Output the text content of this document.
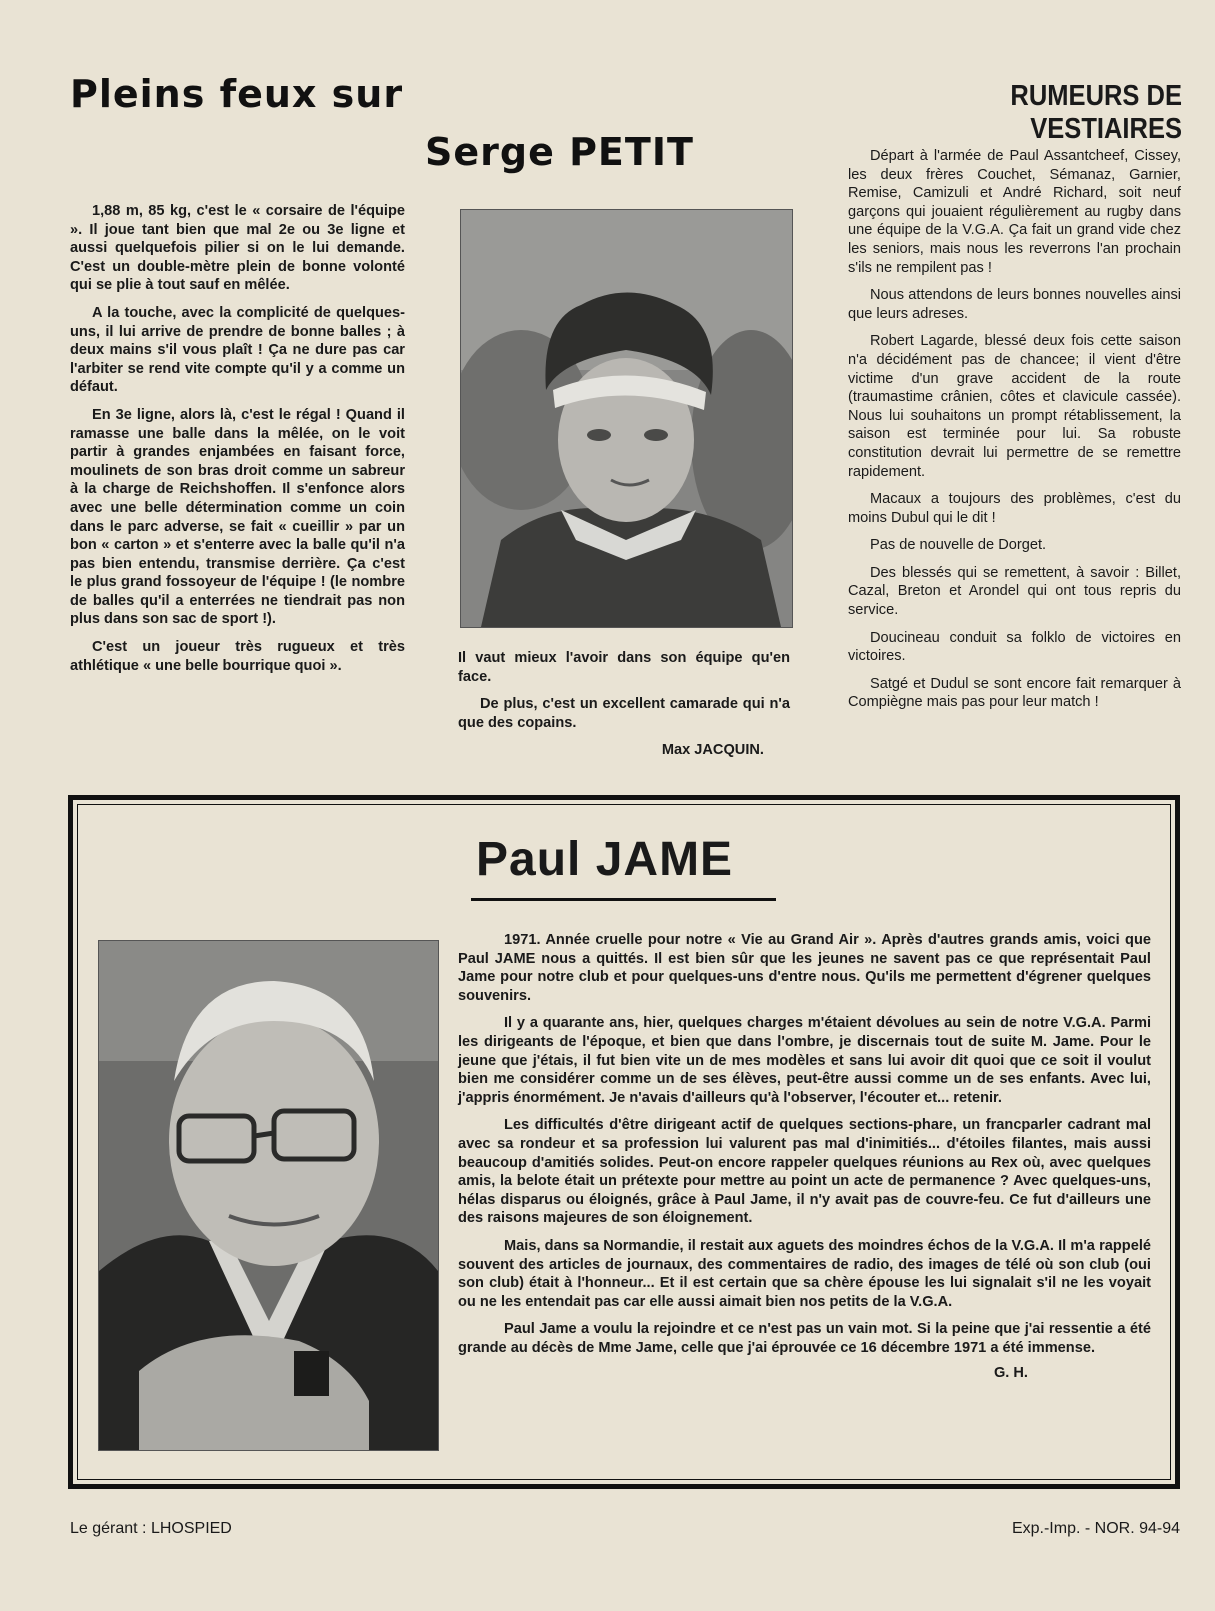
Pleins feux sur
Serge PETIT
RUMEURS DE VESTIAIRES

1,88 m, 85 kg, c'est le « corsaire de l'équipe ». Il joue tant bien que mal 2e ou 3e ligne et aussi quelquefois pilier si on le lui demande. C'est un double-mètre plein de bonne volonté qui se plie à tout sauf en mêlée.

A la touche, avec la complicité de quelques-uns, il lui arrive de prendre de bonne balles ; à deux mains s'il vous plaît ! Ça ne dure pas car l'arbiter se rend vite compte qu'il y a comme un défaut.

En 3e ligne, alors là, c'est le régal ! Quand il ramasse une balle dans la mêlée, on le voit partir à grandes enjambées en faisant force, moulinets de son bras droit comme un sabreur à la charge de Reichshoffen. Il s'enfonce alors avec une belle détermination comme un coin dans le parc adverse, se fait « cueillir » par un bon « carton » et s'enterre avec la balle qu'il n'a pas bien entendu, transmise derrière. Ça c'est le plus grand fossoyeur de l'équipe ! (le nombre de balles qu'il a enterrées ne tiendrait pas non plus dans son sac de sport !).

C'est un joueur très rugueux et très athlétique « une belle bourrique quoi ».	Il vaut mieux l'avoir dans son équipe qu'en face.

De plus, c'est un excellent camarade qui n'a que des copains.

Max JACQUIN.

Départ à l'armée de Paul Assantcheef, Cissey, les deux frères Couchet, Sémanaz, Garnier, Remise, Camizuli et André Richard, soit neuf garçons qui jouaient régulièrement au rugby dans une équipe de la V.G.A. Ça fait un grand vide chez les seniors, mais nous les reverrons l'an prochain s'ils ne rempilent pas !

Nous attendons de leurs bonnes nouvelles ainsi que leurs adreses.

Robert Lagarde, blessé deux fois cette saison n'a décidément pas de chancee; il vient d'être victime d'un grave accident de la route (traumastime crânien, côtes et clavicule cassée). Nous lui souhaitons un prompt rétablissement, la saison est terminée pour lui. Sa robuste constitution devrait lui permettre de se remettre rapidement.

Macaux a toujours des problèmes, c'est du moins Dubul qui le dit !

Pas de nouvelle de Dorget.

Des blessés qui se remettent, à savoir : Billet, Cazal, Breton et Arondel qui ont tous repris du service.

Doucineau conduit sa folklo de victoires en victoires.

Satgé et Dudul se sont encore fait remarquer à Compiègne mais pas pour leur match !

Paul JAME

1971. Année cruelle pour notre « Vie au Grand Air ». Après d'autres grands amis, voici que Paul JAME nous a quittés. Il est bien sûr que les jeunes ne savent pas ce que représentait Paul Jame pour notre club et pour quelques-uns d'entre nous. Qu'ils me permettent d'égrener quelques souvenirs.

Il y a quarante ans, hier, quelques charges m'étaient dévolues au sein de notre V.G.A. Parmi les dirigeants de l'époque, et bien que dans l'ombre, je discernais tout de suite M. Jame. Pour le jeune que j'étais, il fut bien vite un de mes modèles et sans lui avoir dit quoi que ce soit il voulut bien me considérer comme un de ses élèves, peut-être aussi comme un de ses enfants. Avec lui, j'appris énormément. Je n'avais d'ailleurs qu'à l'observer, l'écouter et... retenir.

Les difficultés d'être dirigeant actif de quelques sections-phare, un francparler cadrant mal avec sa rondeur et sa profession lui valurent pas mal d'inimitiés... d'étoiles filantes, mais aussi beaucoup d'amitiés solides. Peut-on encore rappeler quelques réunions au Rex où, avec quelques amis, la belote était un prétexte pour mettre au point un acte de permanence ? Avec quelques-uns, hélas disparus ou éloignés, grâce à Paul Jame, il n'y avait pas de couvre-feu. Ce fut d'ailleurs une des raisons majeures de son éloignement.

Mais, dans sa Normandie, il restait aux aguets des moindres échos de la V.G.A. Il m'a rappelé souvent des articles de journaux, des commentaires de radio, des images de télé où son club (oui son club) était à l'honneur... Et il est certain que sa chère épouse les lui signalait s'il ne les voyait ou ne les entendait pas car elle aussi aimait bien nos petits de la V.G.A.

Paul Jame a voulu la rejoindre et ce n'est pas un vain mot. Si la peine que j'ai ressentie a été grande au décès de Mme Jame, celle que j'ai éprouvée ce 16 décembre 1971 a été immense.

G. H.
Le gérant : LHOSPIED	Exp.-Imp. - NOR. 94-94
